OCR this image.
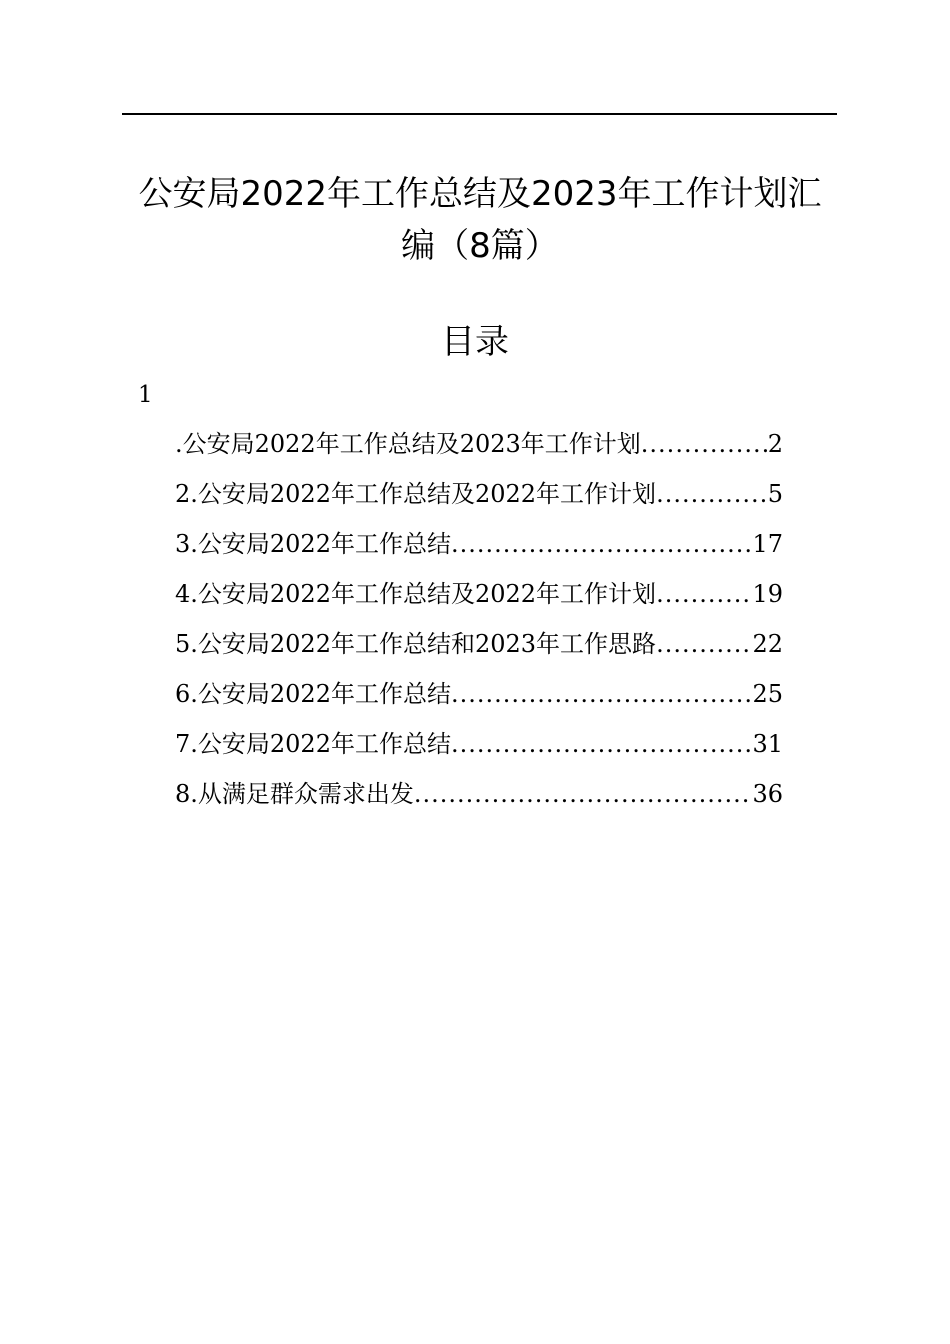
公安局2022年工作总结及2023年工作计划汇
编（8篇）
目录
1
.公安局2022年工作总结及2023年工作计划 .....	2
2.公安局2022年工作总结及2022年工作计划 .....	5
3.公安局2022年工作总结 .....	17
4.公安局2022年工作总结及2022年工作计划 .....	19
5.公安局2022年工作总结和2023年工作思路 .....	22
6.公安局2022年工作总结 .....	25
7.公安局2022年工作总结 .....	31
8.从满足群众需求出发 .....	36
